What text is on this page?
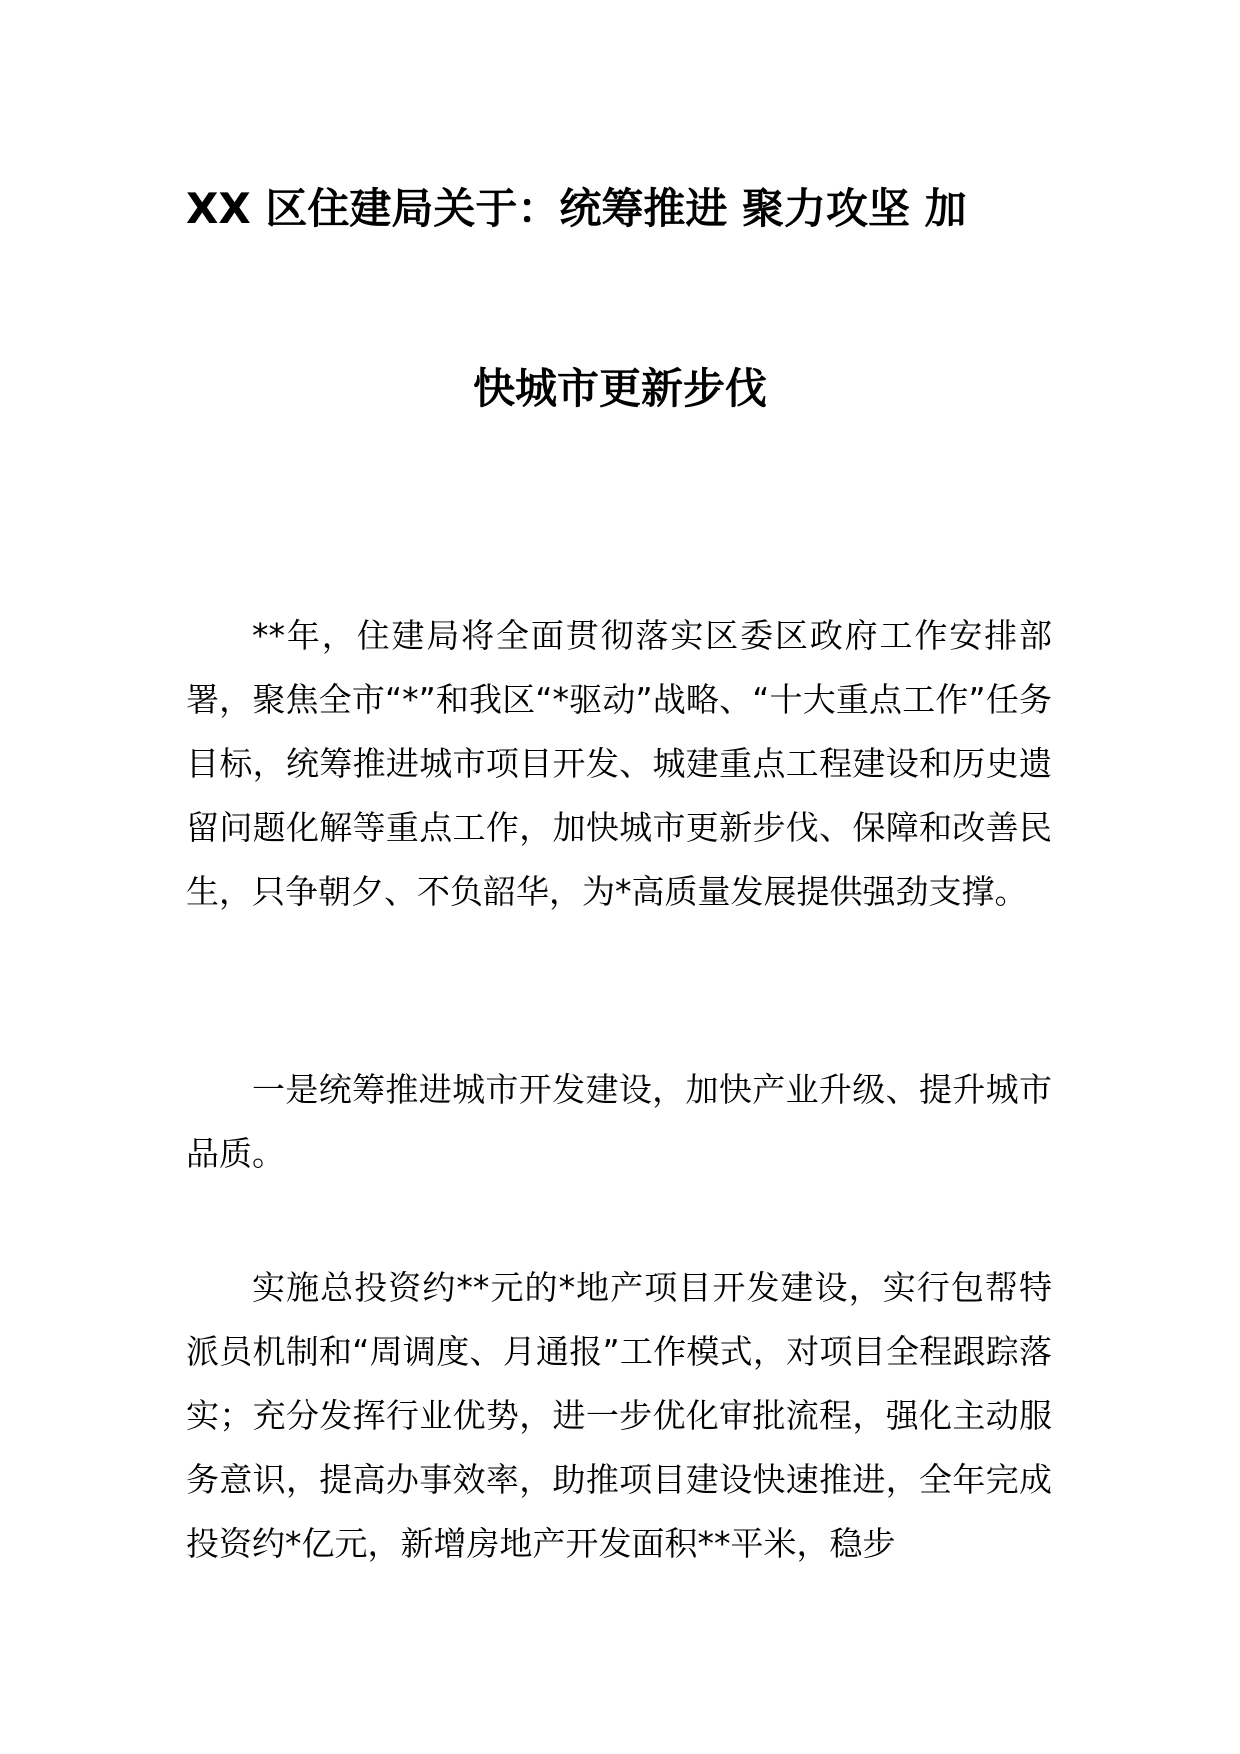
XX 区住建局关于：统筹推进 聚力攻坚 加
快城市更新步伐

**年，住建局将全面贯彻落实区委区政府工作安排部署，聚焦全市“*”和我区“*驱动”战略、“十大重点工作”任务目标，统筹推进城市项目开发、城建重点工程建设和历史遗留问题化解等重点工作，加快城市更新步伐、保障和改善民生，只争朝夕、不负韶华，为*高质量发展提供强劲支撑。

一是统筹推进城市开发建设，加快产业升级、提升城市品质。

实施总投资约**元的*地产项目开发建设，实行包帮特派员机制和“周调度、月通报”工作模式，对项目全程跟踪落实；充分发挥行业优势，进一步优化审批流程，强化主动服务意识，提高办事效率，助推项目建设快速推进，全年完成投资约*亿元，新增房地产开发面积**平米，稳步
